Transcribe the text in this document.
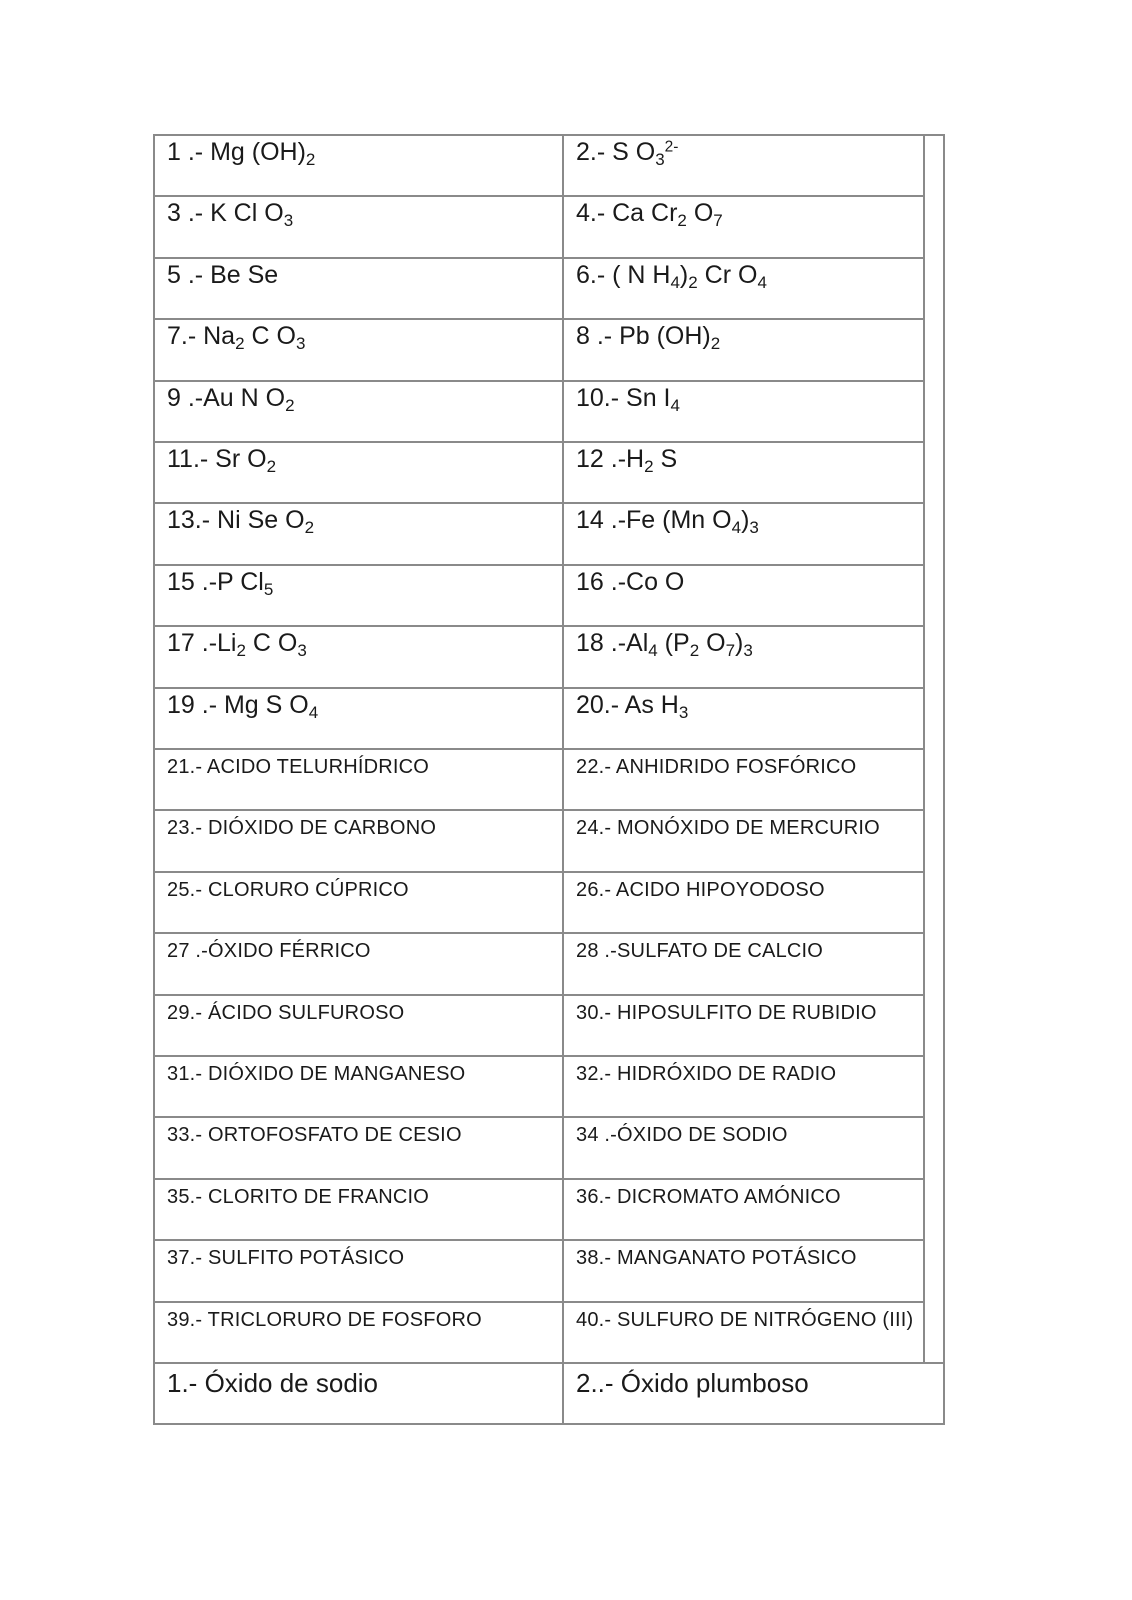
1 .- Mg $(OH)_2$	2.- S $O_3^{2-}$
3 .- K Cl $O_3$	4.- Ca $Cr_2$ $O_7$
5 .- Be Se	6.- ( N $H_4)_2$ Cr $O_4$
7.- $Na_2$ C $O_3$	8 .- Pb $(OH)_2$
9 .-Au N $O_2$	10.- Sn $I_4$
11.- Sr $O_2$	12 $.-H_2$ S
13.- Ni Se $O_2$	14 .-Fe (Mn $O_4)_3$
15 .-P $Cl_5$	16 .-Co O
17 $.-Li_2$ C $O_3$	18 $.-Al_4$ ($P_2$ $O_7)_3$
19 .- Mg S $O_4$	20.- As $H_3$
21.- ACIDO TELURHÍDRICO	22.- ANHIDRIDO FOSFÓRICO
23.- DIÓXIDO DE CARBONO	24.- MONÓXIDO DE MERCURIO
25.- CLORURO CÚPRICO	26.- ACIDO HIPOYODOSO
27 .-ÓXIDO FÉRRICO	28 .-SULFATO DE CALCIO
29.- ÁCIDO SULFUROSO	30.- HIPOSULFITO DE RUBIDIO
31.- DIÓXIDO DE MANGANESO	32.- HIDRÓXIDO DE RADIO
33.- ORTOFOSFATO DE CESIO	34 .-ÓXIDO DE SODIO
35.- CLORITO DE FRANCIO	36.- DICROMATO AMÓNICO
37.- SULFITO POTÁSICO	38.- MANGANATO POTÁSICO
39.- TRICLORURO DE FOSFORO	40.- SULFURO DE NITRÓGENO (III)
1.- Óxido de sodio	2..- Óxido plumboso
